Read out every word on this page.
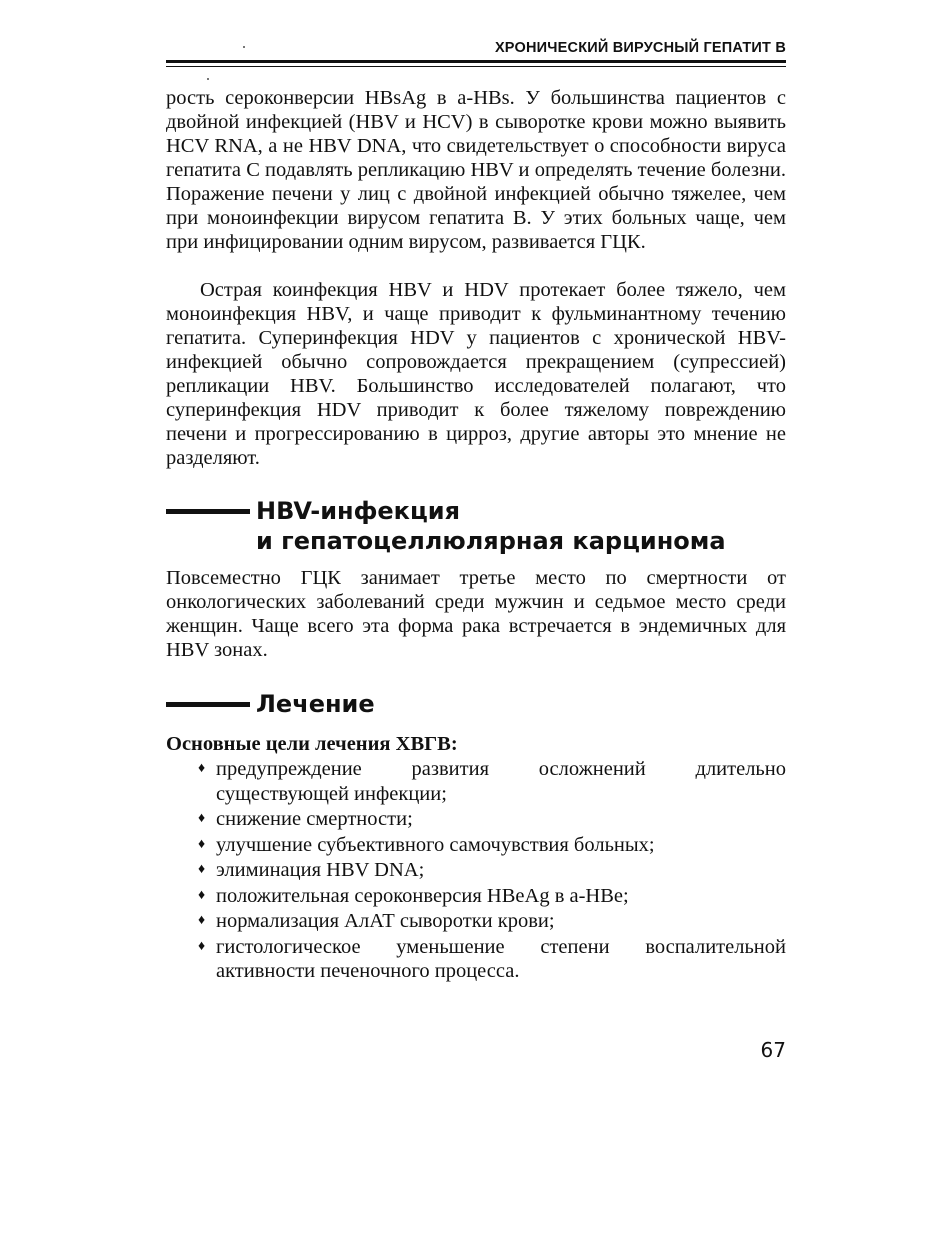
ХРОНИЧЕСКИЙ ВИРУСНЫЙ ГЕПАТИТ В

рость сероконверсии HBsAg в a-HBs. У большинства пациентов с двойной инфекцией (HBV и HCV) в сыворотке крови можно выявить HCV RNA, а не HBV DNA, что свидетельствует о способности вируса гепатита С подавлять репликацию HBV и определять течение болезни. Поражение печени у лиц с двойной инфекцией обычно тяжелее, чем при моноинфекции вирусом гепатита В. У этих больных чаще, чем при инфицировании одним вирусом, развивается ГЦК.

Острая коинфекция HBV и HDV протекает более тяжело, чем моноинфекция HBV, и чаще приводит к фульминантному течению гепатита. Суперинфекция HDV у пациентов с хронической HBV-инфекцией обычно сопровождается прекращением (супрессией) репликации HBV. Большинство исследователей полагают, что суперинфекция HDV приводит к более тяжелому повреждению печени и прогрессированию в цирроз, другие авторы это мнение не разделяют.

HBV-инфекция
и гепатоцеллюлярная карцинома

Повсеместно ГЦК занимает третье место по смертности от онкологических заболеваний среди мужчин и седьмое место среди женщин. Чаще всего эта форма рака встречается в эндемичных для HBV зонах.

Лечение

Основные цели лечения ХВГВ:

♦ предупреждение развития осложнений длительно существующей инфекции;
♦ снижение смертности;
♦ улучшение субъективного самочувствия больных;
♦ элиминация HBV DNA;
♦ положительная сероконверсия HBeAg в a-HBe;
♦ нормализация АлАТ сыворотки крови;
♦ гистологическое уменьшение степени воспалительной активности печеночного процесса.
67
